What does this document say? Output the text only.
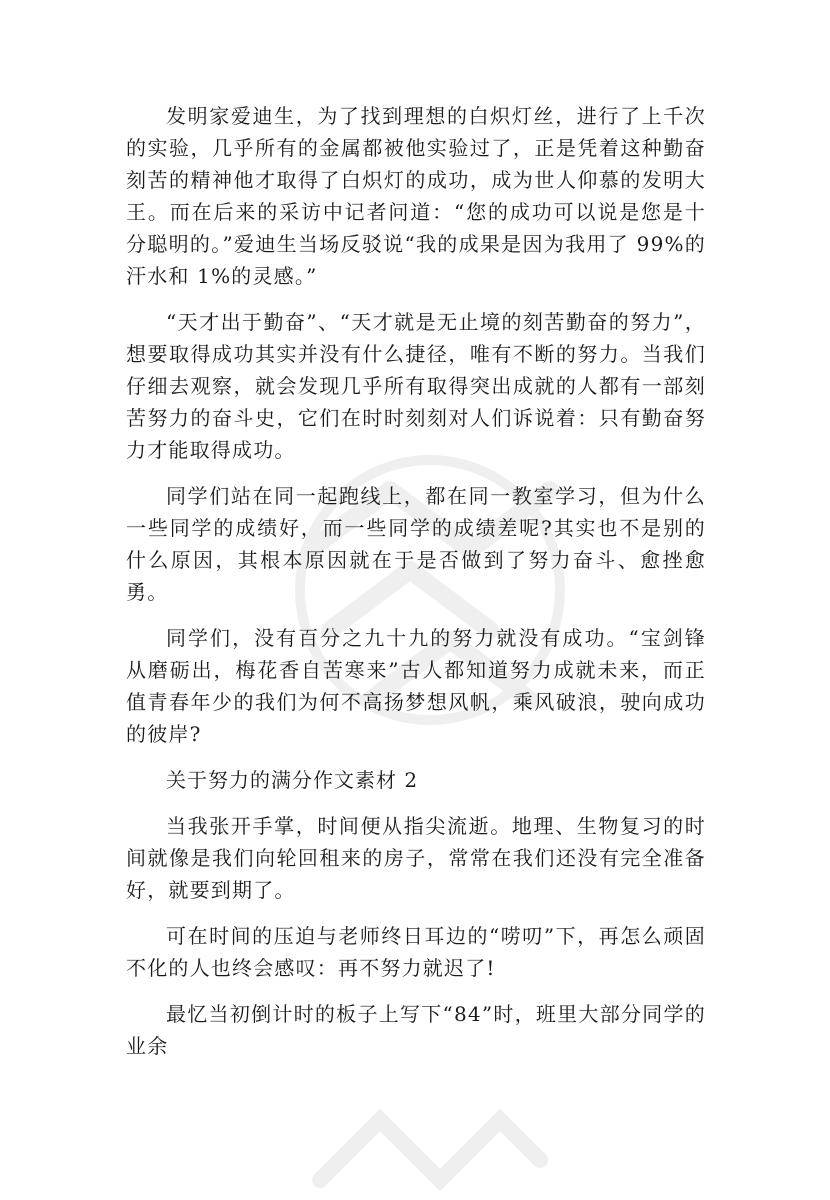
发明家爱迪生，为了找到理想的白炽灯丝，进行了上千次的实验，几乎所有的金属都被他实验过了，正是凭着这种勤奋刻苦的精神他才取得了白炽灯的成功，成为世人仰慕的发明大王。而在后来的采访中记者问道：“您的成功可以说是您是十分聪明的。”爱迪生当场反驳说“我的成果是因为我用了 99%的汗水和 1%的灵感。”

“天才出于勤奋”、“天才就是无止境的刻苦勤奋的努力”，想要取得成功其实并没有什么捷径，唯有不断的努力。当我们仔细去观察，就会发现几乎所有取得突出成就的人都有一部刻苦努力的奋斗史，它们在时时刻刻对人们诉说着：只有勤奋努力才能取得成功。

同学们站在同一起跑线上，都在同一教室学习，但为什么一些同学的成绩好，而一些同学的成绩差呢?其实也不是别的什么原因，其根本原因就在于是否做到了努力奋斗、愈挫愈勇。

同学们，没有百分之九十九的努力就没有成功。“宝剑锋从磨砺出，梅花香自苦寒来”古人都知道努力成就未来，而正值青春年少的我们为何不高扬梦想风帆，乘风破浪，驶向成功的彼岸?

关于努力的满分作文素材 2

当我张开手掌，时间便从指尖流逝。地理、生物复习的时间就像是我们向轮回租来的房子，常常在我们还没有完全准备好，就要到期了。

可在时间的压迫与老师终日耳边的“唠叨”下，再怎么顽固不化的人也终会感叹：再不努力就迟了!

最忆当初倒计时的板子上写下“84”时，班里大部分同学的业余
